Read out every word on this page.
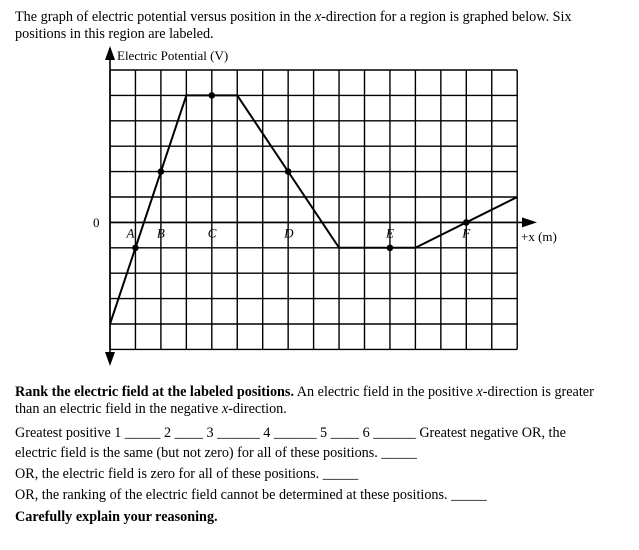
The graph of electric potential versus position in the x-direction for a region is graphed below. Six
positions in this region are labeled.
Electric Potential (V)
0
+x (m)
A B	C	D	E	F
Rank the electric field at the labeled positions. An electric field in the positive x-direction is greater
than an electric field in the negative x-direction.
Greatest positive 1 _____ 2 ____ 3 ______ 4 ______ 5 ____ 6 ______ Greatest negative OR, the
electric field is the same (but not zero) for all of these positions. _____
OR, the electric field is zero for all of these positions. _____
OR, the ranking of the electric field cannot be determined at these positions. _____
Carefully explain your reasoning.
